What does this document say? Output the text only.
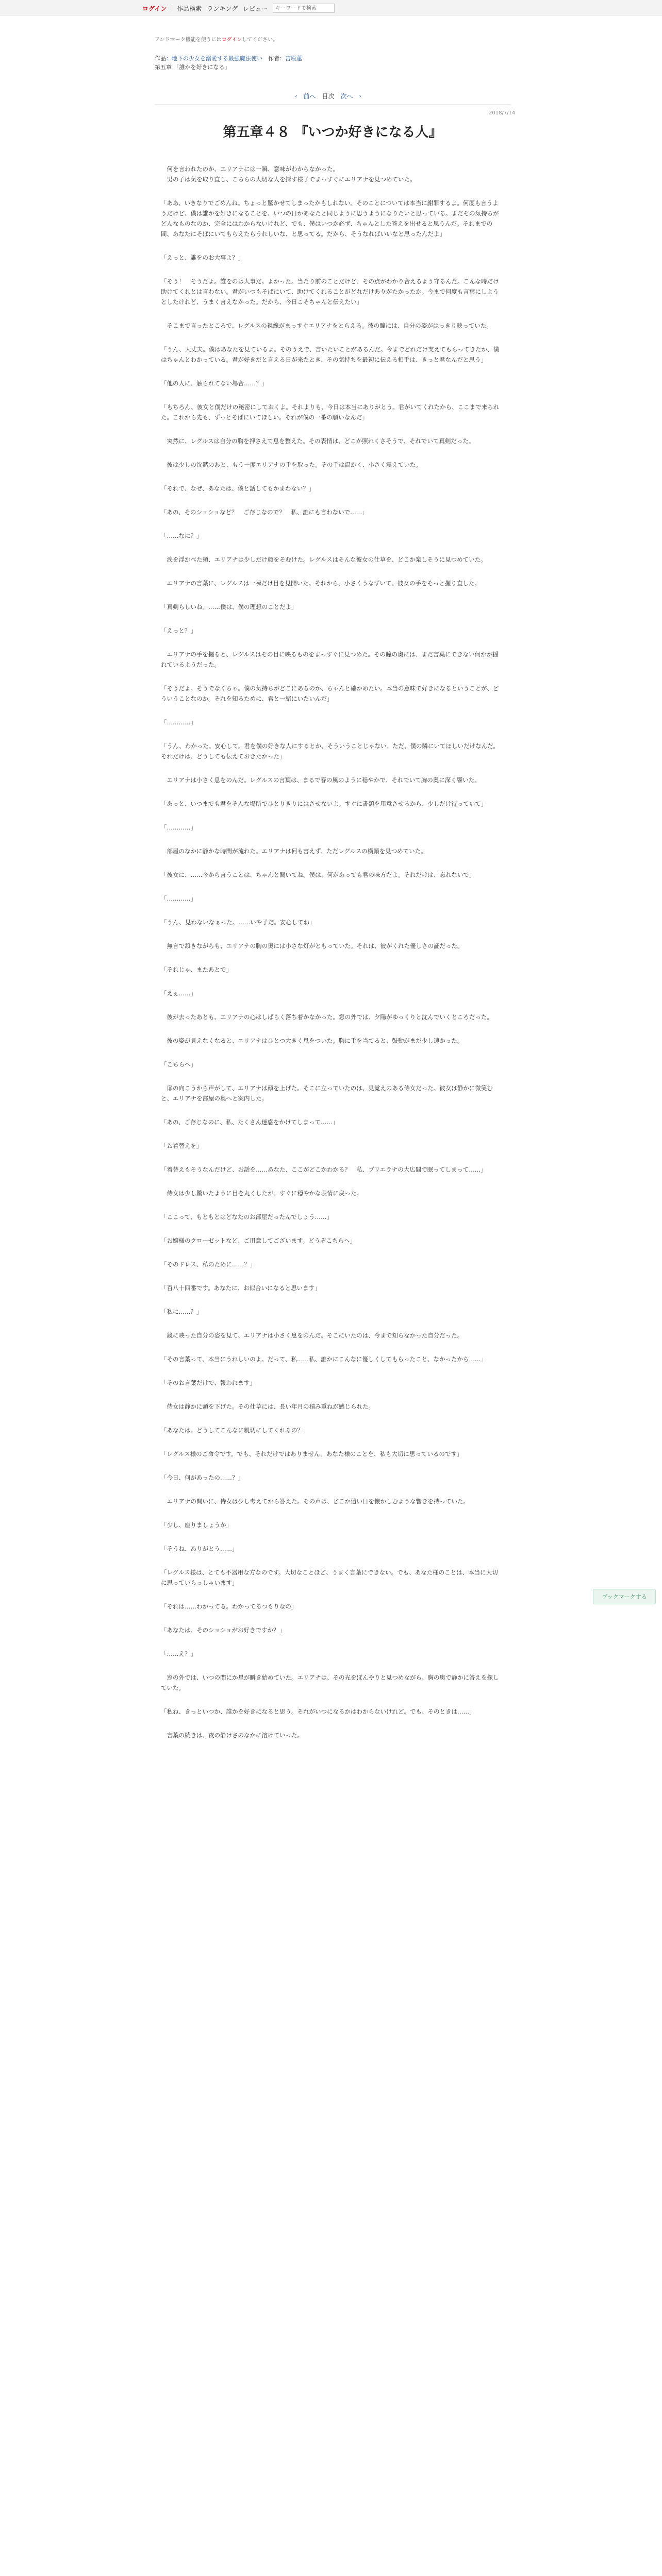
ログイン 作品検索 ランキング レビュー
キーワードで検索
アンドマーク機能を使うにはログインしてください。
作品：地下の少女を溺愛する最強魔法使い　 作者：宮原蓮
第五章 「誰かを好きになる」
‹ 前へ 目次 次へ ›
2018/7/14
第五章４８ 『いつか好きになる人』
　何を言われたのか、エリアナには一瞬、意味がわからなかった。
　男の子は気を取り直し、こちらの大切な人を探す様子でまっすぐにエリアナを見つめていた。
「ああ、いきなりでごめんね。ちょっと驚かせてしまったかもしれない。そのことについては本当に謝罪するよ。何度も言うようだけど、僕は誰かを好きになることを、いつの日かあなたと同じように思うようになりたいと思っている。まだその気持ちがどんなものなのか、完全にはわからないけれど、でも、僕はいつか必ず、ちゃんとした答えを出せると思うんだ。それまでの間、あなたにそばにいてもらえたらうれしいな、と思ってる。だから、そうなればいいなと思ったんだよ」
「えっと、誰をのお大事よ？」
「そう！　そうだよ。誰をのは大事だ。よかった。当たり前のことだけど、その点がわかり合えるよう守るんだ。こんな時だけ助けてくれとは言わない。君がいつもそばにいて、助けてくれることがどれだけありがたかったか。今まで何度も言葉にしようとしたけれど、うまく言えなかった。だから、今日こそちゃんと伝えたい」
　そこまで言ったところで、レグルスの視線がまっすぐエリアナをとらえる。彼の瞳には、自分の姿がはっきり映っていた。
「うん、大丈夫。僕はあなたを見ているよ。そのうえで、言いたいことがあるんだ。今までどれだけ支えてもらってきたか、僕はちゃんとわかっている。君が好きだと言える日が来たとき、その気持ちを最初に伝える相手は、きっと君なんだと思う」
「他の人に、触られてない場合……？」
「もちろん、彼女と僕だけの秘密にしておくよ。それよりも、今日は本当にありがとう。君がいてくれたから、ここまで来られた。これから先も、ずっとそばにいてほしい。それが僕の一番の願いなんだ」
　突然に、レグルスは自分の胸を押さえて息を整えた。その表情は、どこか照れくさそうで、それでいて真剣だった。
　彼は少しの沈黙のあと、もう一度エリアナの手を取った。その手は温かく、小さく震えていた。
「それで、なぜ、あなたは、僕と話してもかまわない？」
「あの、そのショショなど？　ご存じなので？　私、誰にも言わないで……」
「……なに？」
　涙を浮かべた頬、エリアナは少しだけ顔をそむけた。レグルスはそんな彼女の仕草を、どこか楽しそうに見つめていた。
　エリアナの言葉に、レグルスは一瞬だけ目を見開いた。それから、小さくうなずいて、彼女の手をそっと握り直した。
「真剣らしいね。……僕は、僕の理想のことだよ」
「えっと？」
　エリアナの手を握ると、レグルスはその目に映るものをまっすぐに見つめた。その瞳の奥には、まだ言葉にできない何かが揺れているようだった。
「そうだよ。そうでなくちゃ。僕の気持ちがどこにあるのか、ちゃんと確かめたい。本当の意味で好きになるということが、どういうことなのか。それを知るために、君と一緒にいたいんだ」
「…………」
「うん、わかった。安心して。君を僕の好きな人にするとか、そういうことじゃない。ただ、僕の隣にいてほしいだけなんだ。それだけは、どうしても伝えておきたかった」
　エリアナは小さく息をのんだ。レグルスの言葉は、まるで春の風のように穏やかで、それでいて胸の奥に深く響いた。
「あっと、いつまでも君をそんな場所でひとりきりにはさせないよ。すぐに書類を用意させるから、少しだけ待っていて」
「…………」
　部屋のなかに静かな時間が流れた。エリアナは何も言えず、ただレグルスの横顔を見つめていた。
「彼女に、……今から言うことは、ちゃんと聞いてね。僕は、何があっても君の味方だよ。それだけは、忘れないで」
「…………」
「うん、見わないなぁった。……いや子だ。安心してね」
　無言で頷きながらも、エリアナの胸の奥には小さな灯がともっていた。それは、彼がくれた優しさの証だった。
「それじゃ、またあとで」
「えぇ……」
　彼が去ったあとも、エリアナの心はしばらく落ち着かなかった。窓の外では、夕陽がゆっくりと沈んでいくところだった。
　彼の姿が見えなくなると、エリアナはひとつ大きく息をついた。胸に手を当てると、鼓動がまだ少し速かった。
「こちらへ」
　扉の向こうから声がして、エリアナは顔を上げた。そこに立っていたのは、見覚えのある侍女だった。彼女は静かに微笑むと、エリアナを部屋の奥へと案内した。
「あの、ご存じなのに、私、たくさん迷惑をかけてしまって……」
「お着替えを」
「着替えもそうなんだけど、お話を……あなた、ここがどこかわかる？　私、ブリエラナの大広間で眠ってしまって……」
　侍女は少し驚いたように目を丸くしたが、すぐに穏やかな表情に戻った。
「ここって、もともとはどなたのお部屋だったんでしょう……」
「お嬢様のクローゼットなど、ご用意してございます。どうぞこちらへ」
「そのドレス、私のために……？」
「百八十四番です。あなたに、お似合いになると思います」
「私に……？」
　鏡に映った自分の姿を見て、エリアナは小さく息をのんだ。そこにいたのは、今まで知らなかった自分だった。
「その言葉って、本当にうれしいのよ。だって、私……私、誰かにこんなに優しくしてもらったこと、なかったから……」
「そのお言葉だけで、報われます」
　侍女は静かに頭を下げた。その仕草には、長い年月の積み重ねが感じられた。
「あなたは、どうしてこんなに親切にしてくれるの？」
「レグルス様のご命令です。でも、それだけではありません。あなた様のことを、私も大切に思っているのです」
「今日、何があったの……？」
　エリアナの問いに、侍女は少し考えてから答えた。その声は、どこか遠い日を懐かしむような響きを持っていた。
「少し、座りましょうか」
「そうね、ありがとう……」
「レグルス様は、とても不器用な方なのです。大切なことほど、うまく言葉にできない。でも、あなた様のことは、本当に大切に思っていらっしゃいます」
「それは……わかってる。わかってるつもりなの」
「あなたは、そのショショがお好きですか？」
「……え？」
　窓の外では、いつの間にか星が瞬き始めていた。エリアナは、その光をぼんやりと見つめながら、胸の奥で静かに答えを探していた。
「私ね、きっといつか、誰かを好きになると思う。それがいつになるかはわからないけれど。でも、そのときは……」
　言葉の続きは、夜の静けさのなかに溶けていった。
ブックマークする
